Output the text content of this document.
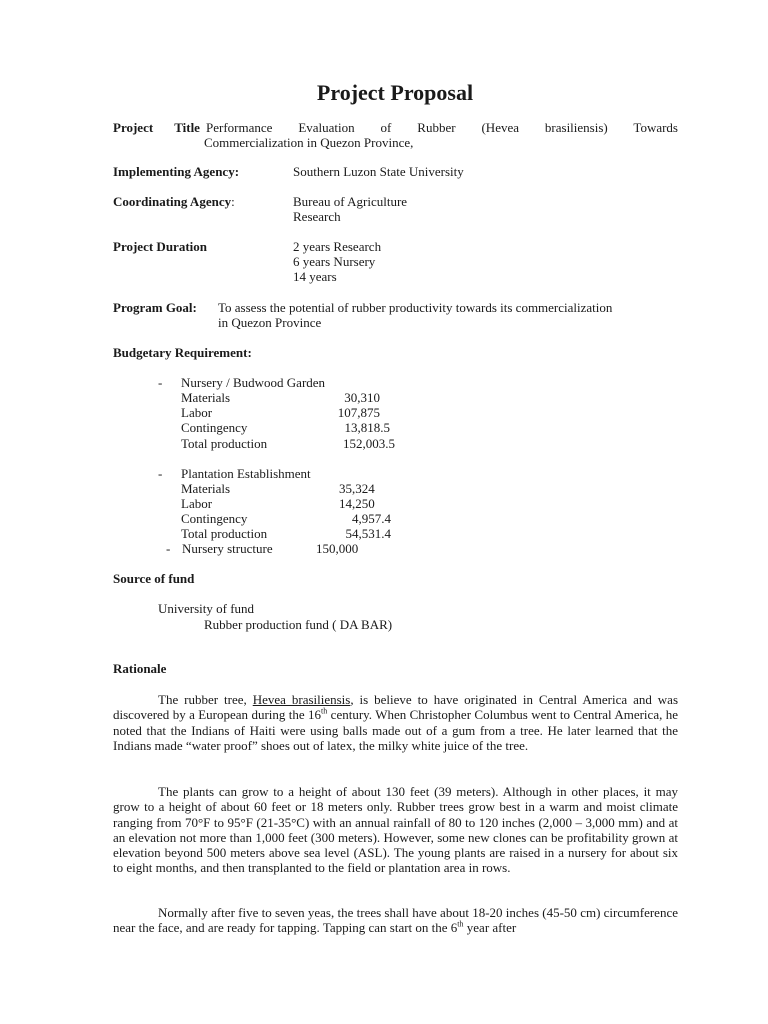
Project Proposal
Project Title Performance Evaluation of Rubber (Hevea brasiliensis) Towards
Commercialization in Quezon Province,
Implementing Agency:	Southern Luzon State University
Coordinating Agency:	Bureau of Agriculture
Research
Project Duration	2 years Research
6 years Nursery
14 years
Program Goal: To assess the potential of rubber productivity towards its commercialization
in Quezon Province
Budgetary Requirement:
- Nursery / Budwood Garden
Materials	30,310
Labor	107,875
Contingency	13,818.5
Total production	152,003.5
- Plantation Establishment
Materials	35,324
Labor	14,250
Contingency	4,957.4
Total production	54,531.4
- Nursery structure	150,000
Source of fund
University of fund
Rubber production fund ( DA BAR)
Rationale

The rubber tree, Hevea brasiliensis, is believe to have originated in Central America and was discovered by a European during the 16th century. When Christopher Columbus went to Central America, he noted that the Indians of Haiti were using balls made out of a gum from a tree. He later learned that the Indians made “water proof” shoes out of latex, the milky white juice of the tree.

The plants can grow to a height of about 130 feet (39 meters). Although in other places, it may grow to a height of about 60 feet or 18 meters only. Rubber trees grow best in a warm and moist climate ranging from 70°F to 95°F (21-35°C) with an annual rainfall of 80 to 120 inches (2,000 – 3,000 mm) and at an elevation not more than 1,000 feet (300 meters). However, some new clones can be profitability grown at elevation beyond 500 meters above sea level (ASL). The young plants are raised in a nursery for about six to eight months, and then transplanted to the field or plantation area in rows.

Normally after five to seven yeas, the trees shall have about 18-20 inches (45-50 cm) circumference near the face, and are ready for tapping. Tapping can start on the 6th year after
